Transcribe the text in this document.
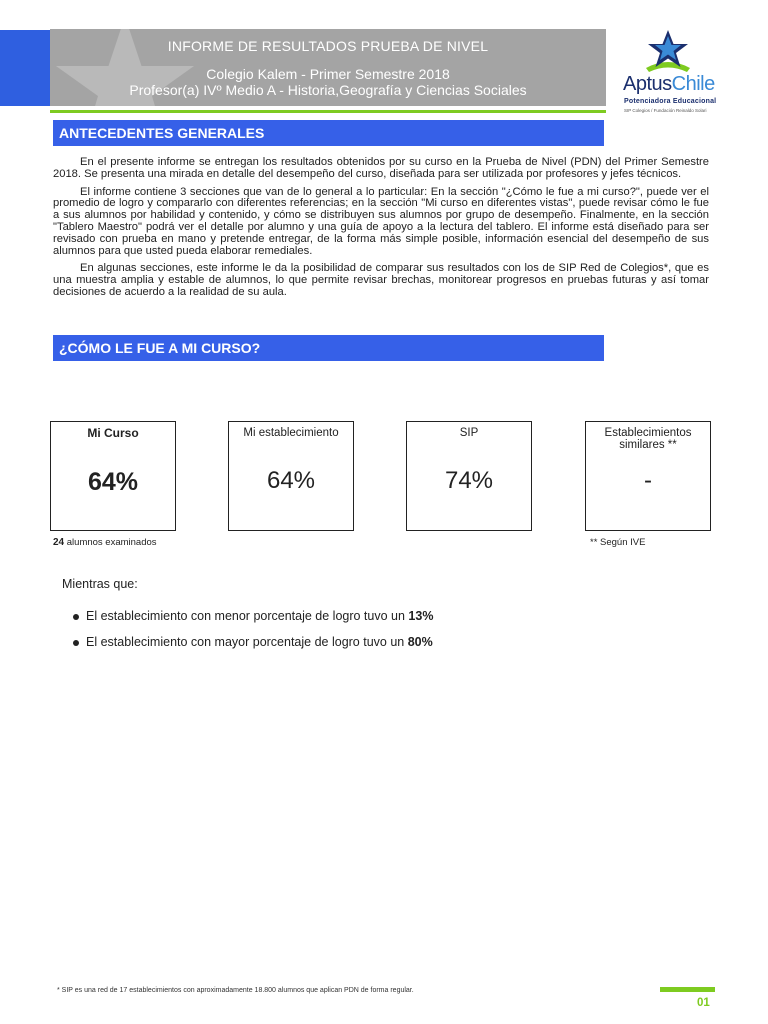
INFORME DE RESULTADOS PRUEBA DE NIVEL
Colegio Kalem - Primer Semestre 2018
Profesor(a) IVº Medio A - Historia,Geografía y Ciencias Sociales	AptusChile
Potenciadora Educacional
SIP Colegios / Fundación Reinaldo Solari
ANTECEDENTES GENERALES

En el presente informe se entregan los resultados obtenidos por su curso en la Prueba de Nivel (PDN) del Primer Semestre 2018. Se presenta una mirada en detalle del desempeño del curso, diseñada para ser utilizada por profesores y jefes técnicos.

El informe contiene 3 secciones que van de lo general a lo particular: En la sección "¿Cómo le fue a mi curso?", puede ver el promedio de logro y compararlo con diferentes referencias; en la sección "Mi curso en diferentes vistas", puede revisar cómo le fue a sus alumnos por habilidad y contenido, y cómo se distribuyen sus alumnos por grupo de desempeño. Finalmente, en la sección "Tablero Maestro" podrá ver el detalle por alumno y una guía de apoyo a la lectura del tablero. El informe está diseñado para ser revisado con prueba en mano y pretende entregar, de la forma más simple posible, información esencial del desempeño de sus alumnos para que usted pueda elaborar remediales.

En algunas secciones, este informe le da la posibilidad de comparar sus resultados con los de SIP Red de Colegios*, que es una muestra amplia y estable de alumnos, lo que permite revisar brechas, monitorear progresos en pruebas futuras y así tomar decisiones de acuerdo a la realidad de su aula.

¿CÓMO LE FUE A MI CURSO?
Mi Curso
64%
Mi establecimiento
64%
SIP
74%
Establecimientos similares **
-
24 alumnos examinados	** Según IVE
Mientras que:
El establecimiento con menor porcentaje de logro tuvo un 13%
El establecimiento con mayor porcentaje de logro tuvo un 80%
* SIP es una red de 17 establecimientos con aproximadamente 18.800 alumnos que aplican PDN de forma regular.
01
